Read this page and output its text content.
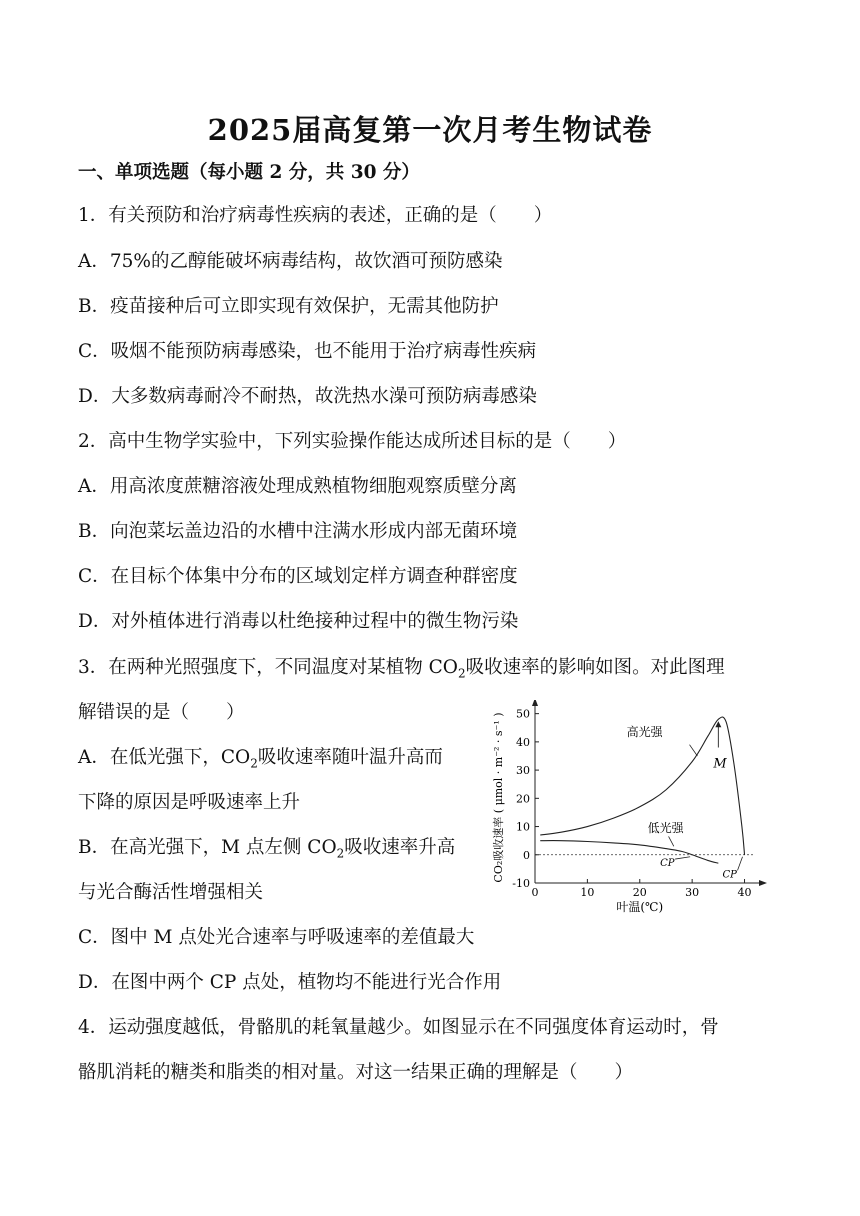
2025届高复第一次月考生物试卷
一、单项选题（每小题 2 分，共 30 分）
1．有关预防和治疗病毒性疾病的表述，正确的是（　　）
A．75%的乙醇能破坏病毒结构，故饮酒可预防感染
B．疫苗接种后可立即实现有效保护，无需其他防护
C．吸烟不能预防病毒感染，也不能用于治疗病毒性疾病
D．大多数病毒耐冷不耐热，故洗热水澡可预防病毒感染
2．高中生物学实验中，下列实验操作能达成所述目标的是（　　）
A．用高浓度蔗糖溶液处理成熟植物细胞观察质壁分离
B．向泡菜坛盖边沿的水槽中注满水形成内部无菌环境
C．在目标个体集中分布的区域划定样方调查种群密度
D．对外植体进行消毒以杜绝接种过程中的微生物污染
3．在两种光照强度下，不同温度对某植物 $CO_2$吸收速率的影响如图。对此图理
解错误的是（　　）
A．在低光强下，$CO_2$吸收速率随叶温升高而
下降的原因是呼吸速率上升
B．在高光强下，M 点左侧 $CO_2$吸收速率升高
与光合酶活性增强相关
C．图中 M 点处光合速率与呼吸速率的差值最大
D．在图中两个 CP 点处，植物均不能进行光合作用
4．运动强度越低，骨骼肌的耗氧量越少。如图显示在不同强度体育运动时，骨
骼肌消耗的糖类和脂类的相对量。对这一结果正确的理解是（　　）
0	10	20	30	40
-10
0
10
20
30
40
50
高光强
低光强
M
CP
CP
叶温(℃)
CO₂吸收速率 ( μmol · m⁻² · s⁻¹ )
